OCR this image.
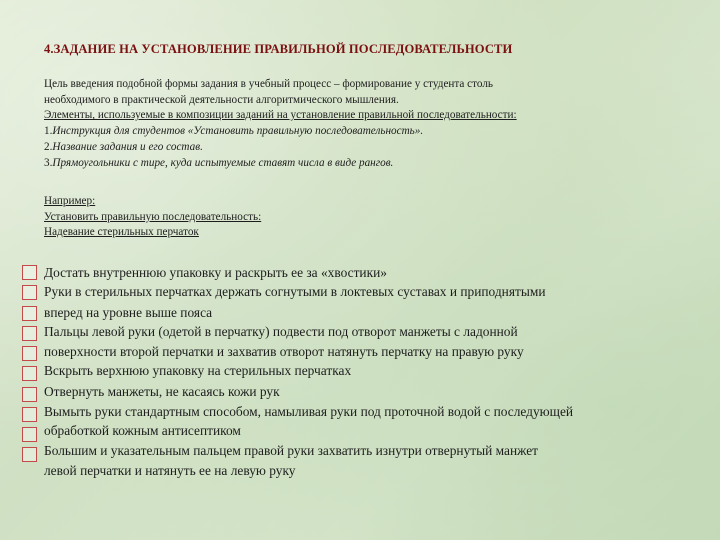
4.ЗАДАНИЕ НА УСТАНОВЛЕНИЕ ПРАВИЛЬНОЙ ПОСЛЕДОВАТЕЛЬНОСТИ
Цель введения подобной формы задания в учебный процесс – формирование у студента столь
необходимого в практической деятельности алгоритмического мышления.
Элементы, используемые в композиции заданий на установление правильной последовательности:
1.Инструкция для студентов «Установить правильную последовательность».
2.Название задания и его состав.
3.Прямоугольники с тире, куда испытуемые ставят числа в виде рангов.
Например:
Установить правильную последовательность:
Надевание стерильных перчаток
Достать внутреннюю упаковку и раскрыть ее за «хвостики»
Руки в стерильных перчатках держать согнутыми в локтевых суставах и приподнятыми
вперед на уровне выше пояса
Пальцы левой руки (одетой в перчатку) подвести под отворот манжеты с ладонной
поверхности второй перчатки и захватив отворот натянуть перчатку на правую руку
Вскрыть верхнюю упаковку на стерильных перчатках
Отвернуть манжеты, не касаясь кожи рук
Вымыть руки стандартным способом, намыливая руки под проточной водой с последующей
обработкой кожным антисептиком
Большим и указательным пальцем правой руки захватить изнутри отвернутый манжет
левой перчатки и натянуть ее на левую руку
